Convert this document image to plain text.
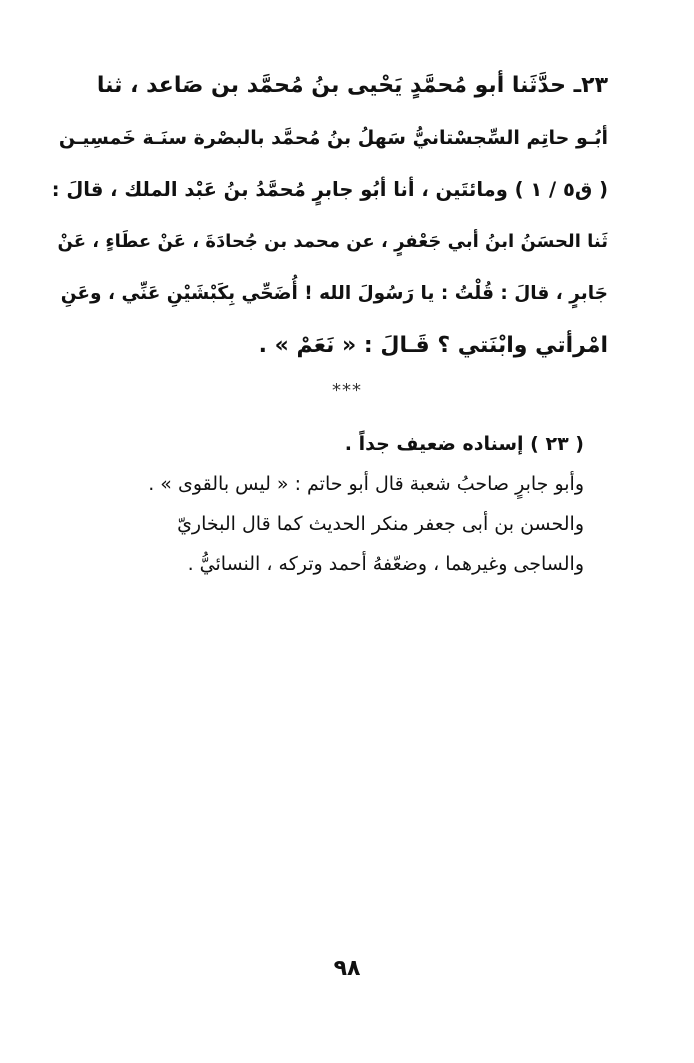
٢٣ـ حدَّثَنا أبو مُحمَّدٍ يَحْيى بنُ مُحمَّد بن صَاعد ، ثنا
أبُـو حاتِم السِّجسْتانيُّ سَهلُ بنُ مُحمَّد بالبصْرة سنَـة خَمسِيـن
( ق٥ / ١ ) ومائتَين ، أنا أبُو جابرٍ مُحمَّدُ بنُ عَبْد الملك ، قالَ :
ثَنا الحسَنُ ابنُ أبي جَعْفرٍ ، عن محمد بن جُحادَةَ ، عَنْ عطَاءٍ ، عَنْ
جَابرٍ ، قالَ : قُلْتُ : يا رَسُولَ الله ! أُضَحِّي بِكَبْشَيْنِ عَنِّي ، وعَنِ
امْرأتي وابْنَتي ؟ قَـالَ : « نَعَمْ » .
***
( ٢٣ ) إسناده ضعيف جداً .
وأبو جابرٍ صاحبُ شعبة قال أبو حاتم : « ليس بالقوى » .
والحسن بن أبى جعفر منكر الحديث كما قال البخاريّ
والساجى وغيرهما ، وضعّفهُ أحمد وتركه ، النسائيُّ .
٩٨
